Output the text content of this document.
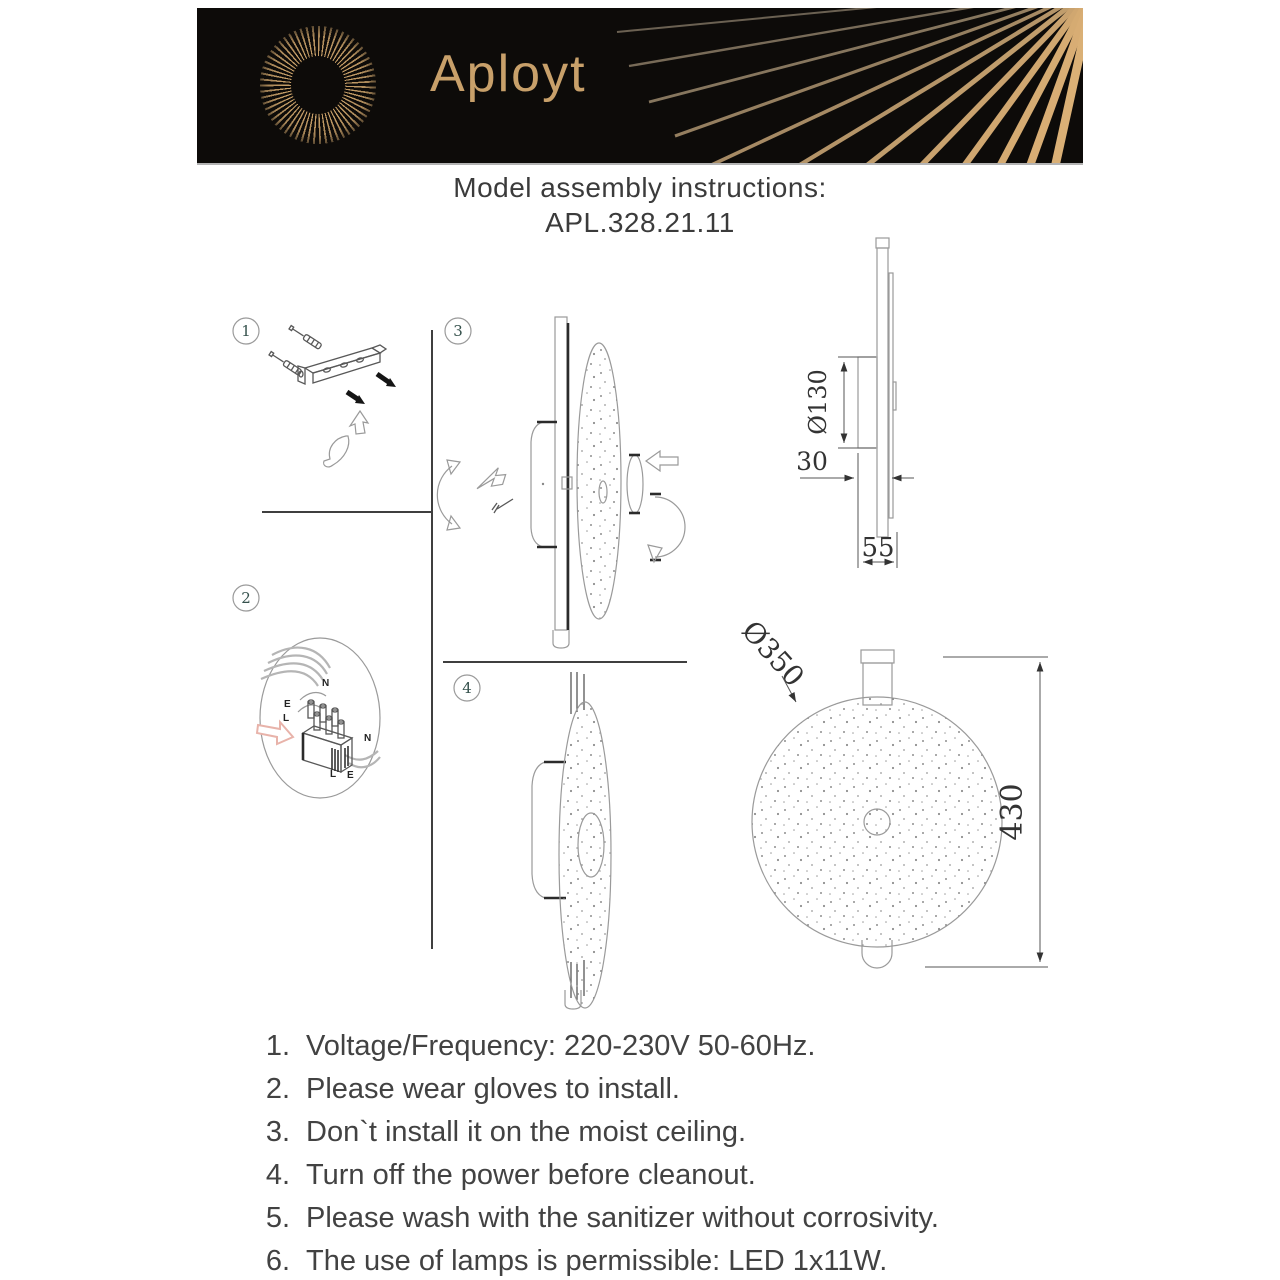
Aployt
Model assembly instructions:
APL.328.21.11
1
2
3
4
N
E
L
N
L E
Ø130
30
55
430
Ø350
1. Voltage/Frequency: 220-230V 50-60Hz.
2. Please wear gloves to install.
3. Don`t install it on the moist ceiling.
4. Turn off the power before cleanout.
5. Please wash with the sanitizer without corrosivity.
6. The use of lamps is permissible: LED 1x11W.
